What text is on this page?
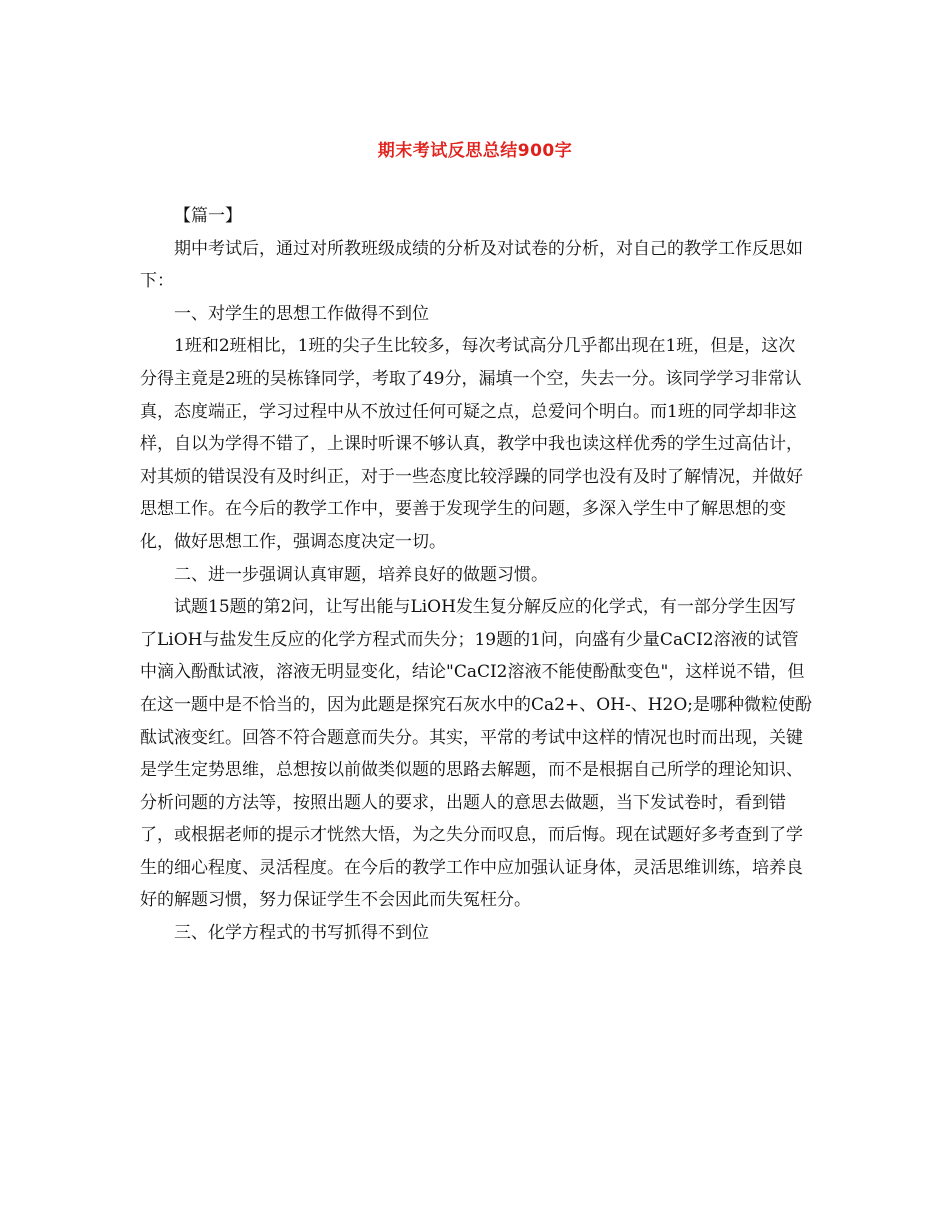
期末考试反思总结900字

【篇一】

期中考试后，通过对所教班级成绩的分析及对试卷的分析，对自己的教学工作反思如下：

一、对学生的思想工作做得不到位

1班和2班相比，1班的尖子生比较多，每次考试高分几乎都出现在1班，但是，这次分得主竟是2班的吴栋锋同学，考取了49分，漏填一个空，失去一分。该同学学习非常认真，态度端正，学习过程中从不放过任何可疑之点，总爱问个明白。而1班的同学却非这样，自以为学得不错了，上课时听课不够认真，教学中我也读这样优秀的学生过高估计，对其烦的错误没有及时纠正，对于一些态度比较浮躁的同学也没有及时了解情况，并做好思想工作。在今后的教学工作中，要善于发现学生的问题，多深入学生中了解思想的变化，做好思想工作，强调态度决定一切。

二、进一步强调认真审题，培养良好的做题习惯。

试题15题的第2问，让写出能与LiOH发生复分解反应的化学式，有一部分学生因写了LiOH与盐发生反应的化学方程式而失分；19题的1问，向盛有少量CaCI2溶液的试管中滴入酚酞试液，溶液无明显变化，结论"CaCI2溶液不能使酚酞变色"，这样说不错，但在这一题中是不恰当的，因为此题是探究石灰水中的Ca2+、OH-、H2O;是哪种微粒使酚酞试液变红。回答不符合题意而失分。其实，平常的考试中这样的情况也时而出现，关键是学生定势思维，总想按以前做类似题的思路去解题，而不是根据自己所学的理论知识、分析问题的方法等，按照出题人的要求，出题人的意思去做题，当下发试卷时，看到错了，或根据老师的提示才恍然大悟，为之失分而叹息，而后悔。现在试题好多考查到了学生的细心程度、灵活程度。在今后的教学工作中应加强认证身体，灵活思维训练，培养良好的解题习惯，努力保证学生不会因此而失冤枉分。

三、化学方程式的书写抓得不到位
